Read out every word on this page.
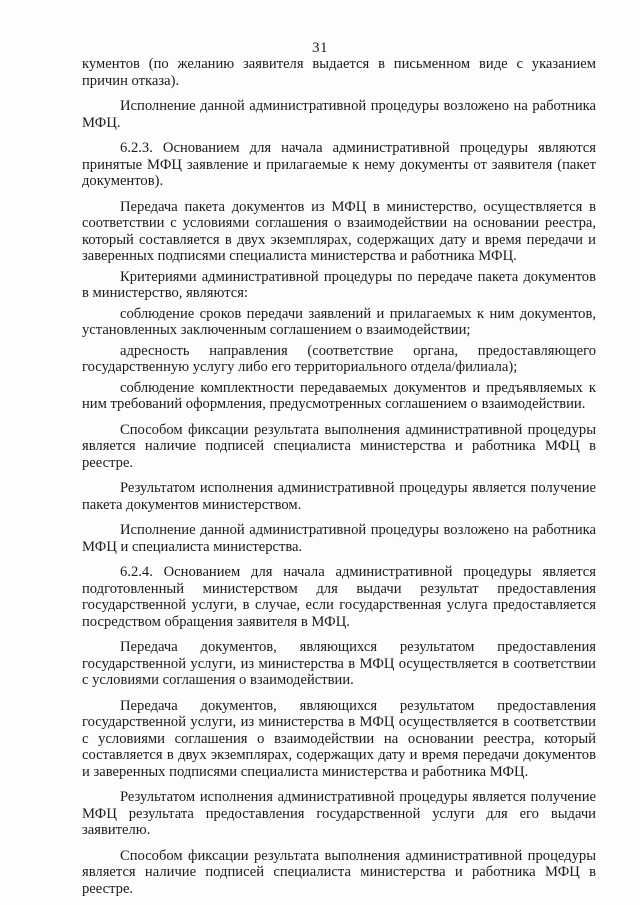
31

кументов (по желанию заявителя выдается в письменном виде с указанием причин отказа).

Исполнение данной административной процедуры возложено на работника МФЦ.

6.2.3. Основанием для начала административной процедуры являются принятые МФЦ заявление и прилагаемые к нему документы от заявителя (пакет документов).

Передача пакета документов из МФЦ в министерство, осуществляется в соответствии с условиями соглашения о взаимодействии на основании реестра, который составляется в двух экземплярах, содержащих дату и время передачи и заверенных подписями специалиста министерства и работника МФЦ.

Критериями административной процедуры по передаче пакета документов в министерство, являются:

соблюдение сроков передачи заявлений и прилагаемых к ним документов, установленных заключенным соглашением о взаимодействии;

адресность направления (соответствие органа, предоставляющего государственную услугу либо его территориального отдела/филиала);

соблюдение комплектности передаваемых документов и предъявляемых к ним требований оформления, предусмотренных соглашением о взаимодействии.

Способом фиксации результата выполнения административной процедуры является наличие подписей специалиста министерства и работника МФЦ в реестре.

Результатом исполнения административной процедуры является получение пакета документов министерством.

Исполнение данной административной процедуры возложено на работника МФЦ и специалиста министерства.

6.2.4. Основанием для начала административной процедуры является подготовленный министерством для выдачи результат предоставления государственной услуги, в случае, если государственная услуга предоставляется посредством обращения заявителя в МФЦ.

Передача документов, являющихся результатом предоставления государственной услуги, из министерства в МФЦ осуществляется в соответствии с условиями соглашения о взаимодействии.

Передача документов, являющихся результатом предоставления государственной услуги, из министерства в МФЦ осуществляется в соответствии с условиями соглашения о взаимодействии на основании реестра, который составляется в двух экземплярах, содержащих дату и время передачи документов и заверенных подписями специалиста министерства и работника МФЦ.

Результатом исполнения административной процедуры является получение МФЦ результата предоставления государственной услуги для его выдачи заявителю.

Способом фиксации результата выполнения административной процедуры является наличие подписей специалиста министерства и работника МФЦ в реестре.
